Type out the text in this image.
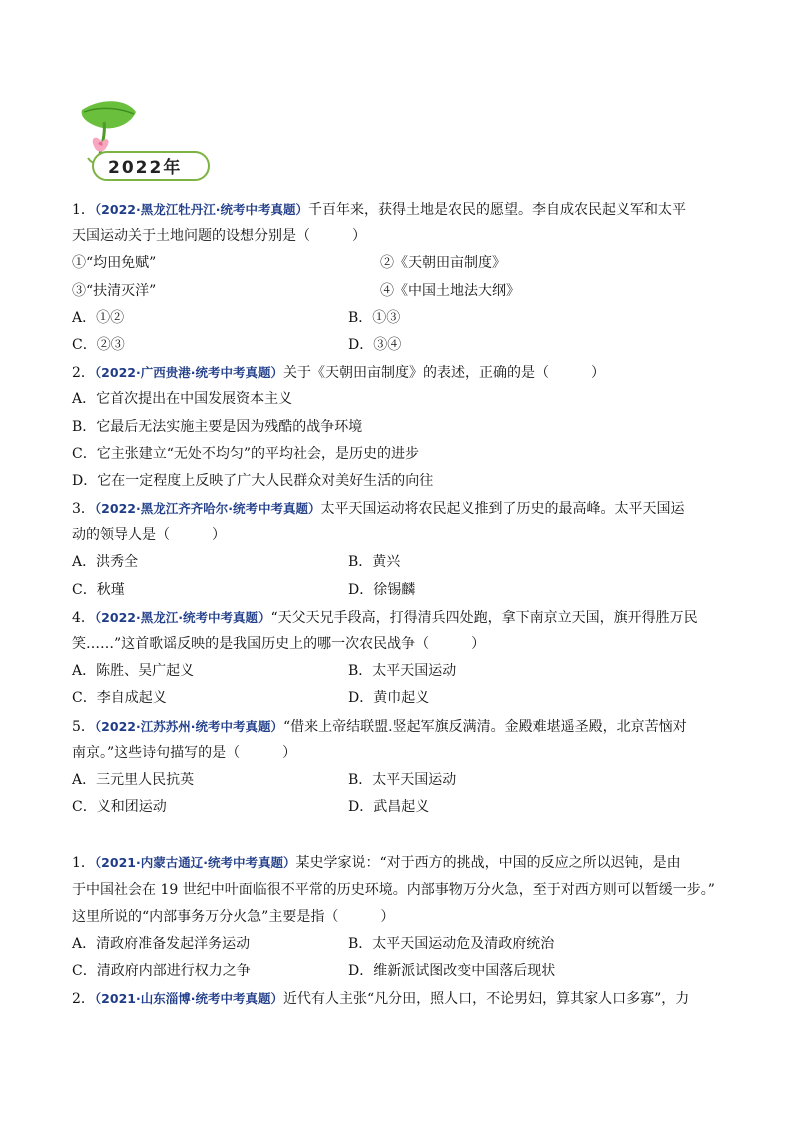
2022年
1．（2022·黑龙江牡丹江·统考中考真题）千百年来，获得土地是农民的愿望。李自成农民起义军和太平
天国运动关于土地问题的设想分别是（　　　）
①“均田免赋”	②《天朝田亩制度》
③“扶清灭洋”	④《中国土地法大纲》
A．①②	B．①③
C．②③	D．③④
2．（2022·广西贵港·统考中考真题）关于《天朝田亩制度》的表述，正确的是（　　　）
A．它首次提出在中国发展资本主义
B．它最后无法实施主要是因为残酷的战争环境
C．它主张建立“无处不均匀”的平均社会，是历史的进步
D．它在一定程度上反映了广大人民群众对美好生活的向往
3．（2022·黑龙江齐齐哈尔·统考中考真题）太平天国运动将农民起义推到了历史的最高峰。太平天国运
动的领导人是（　　　）
A．洪秀全	B．黄兴
C．秋瑾	D．徐锡麟
4．（2022·黑龙江·统考中考真题）“天父天兄手段高，打得清兵四处跑，拿下南京立天国，旗开得胜万民
笑……”这首歌谣反映的是我国历史上的哪一次农民战争（　　　）
A．陈胜、吴广起义	B．太平天国运动
C．李自成起义	D．黄巾起义
5．（2022·江苏苏州·统考中考真题）“借来上帝结联盟.竖起军旗反满清。金殿难堪遥圣殿，北京苦恼对
南京。”这些诗句描写的是（　　　）
A．三元里人民抗英	B．太平天国运动
C．义和团运动	D．武昌起义
1．（2021·内蒙古通辽·统考中考真题）某史学家说：“对于西方的挑战，中国的反应之所以迟钝，是由
于中国社会在 19 世纪中叶面临很不平常的历史环境。内部事物万分火急，至于对西方则可以暂缓一步。”
这里所说的“内部事务万分火急”主要是指（　　　）
A．清政府准备发起洋务运动	B．太平天国运动危及清政府统治
C．清政府内部进行权力之争	D．维新派试图改变中国落后现状
2．（2021·山东淄博·统考中考真题）近代有人主张“凡分田，照人口，不论男妇，算其家人口多寡”，力
